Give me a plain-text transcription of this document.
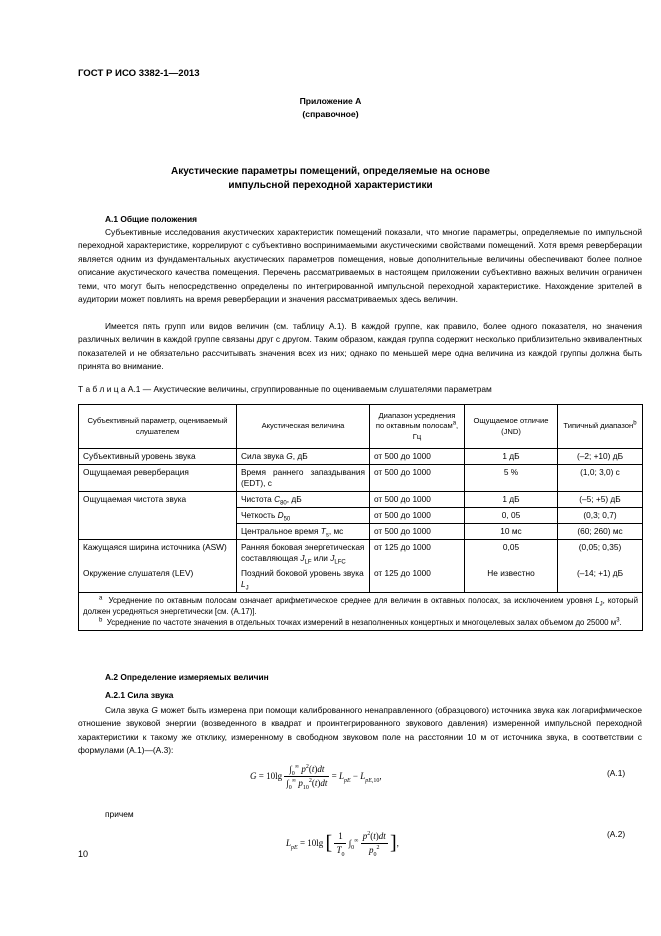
ГОСТ Р ИСО 3382-1—2013
Приложение А
(справочное)
Акустические параметры помещений, определяемые на основе
импульсной переходной характеристики
А.1 Общие положения
Субъективные исследования акустических характеристик помещений показали, что многие параметры, определяемые по импульсной переходной характеристике, коррелируют с субъективно воспринимаемыми акустическими свойствами помещений. Хотя время реверберации является одним из фундаментальных акустических параметров помещения, новые дополнительные величины обеспечивают более полное описание акустического качества помещения. Перечень рассматриваемых в настоящем приложении субъективно важных величин ограничен теми, что могут быть непосредственно определены по интегрированной импульсной переходной характеристике. Нахождение зрителей в аудитории может повлиять на время реверберации и значения рассматриваемых здесь величин.
Имеется пять групп или видов величин (см. таблицу А.1). В каждой группе, как правило, более одного показателя, но значения различных величин в каждой группе связаны друг с другом. Таким образом, каждая группа содержит несколько приблизительно эквивалентных показателей и не обязательно рассчитывать значения всех из них; однако по меньшей мере одна величина из каждой группы должна быть принята во внимание.
Т а б л и ц а А.1 — Акустические величины, сгруппированные по оцениваемым слушателями параметрам
Субъективный параметр, оцениваемый слушателем	Акустическая величина	Диапазон усреднения по октавным полосам$^a$, Гц	Ощущаемое отличие (JND)	Типичный диапазон$^b$
Субъективный уровень звука	Сила звука G, дБ	от 500 до 1000	1 дБ	(–2; +10) дБ
Ощущаемая реверберация	Время раннего запаздывания (EDT), с	от 500 до 1000	5 %	(1,0; 3,0) с
Ощущаемая чистота звука	Чистота $C_{80}$, дБ	от 500 до 1000	1 дБ	(–5; +5) дБ
	Четкость $D_{50}$	от 500 до 1000	0, 05	(0,3; 0,7)
	Центральное время $T_s$, мс	от 500 до 1000	10 мс	(60; 260) мс
Кажущаяся ширина источника (ASW)	Ранняя боковая энергетическая составляющая $J_{LF}$ или $J_{LFC}$	от 125 до 1000	0,05	(0,05; 0,35)
Окружение слушателя (LEV)	Поздний боковой уровень звука $L_J$	от 125 до 1000	Не известно	(–14; +1) дБ

$^a$ Усреднение по октавным полосам означает арифметическое среднее для величин в октавных полосах, за исключением уровня $L_J$, который должен усредняться энергетически [см. (А.17)].
$^b$ Усреднение по частоте значения в отдельных точках измерений в незаполненных концертных и многоцелевых залах объемом до 25000 $м^3$.				
А.2 Определение измеряемых величин
А.2.1 Сила звука
Сила звука G может быть измерена при помощи калиброванного ненаправленного (образцового) источника звука как логарифмическое отношение звуковой энергии (возведенного в квадрат и проинтегрированного звукового давления) измеренной импульсной переходной характеристики к такому же отклику, измеренному в свободном звуковом поле на расстоянии 10 м от источника звука, в соответствии с формулами (А.1)—(А.3):
$G = 10\lg \frac{\int_0^\infty p^2(t)dt}{\int_0^\infty p_{10}^2(t)dt} = L_{pE} - L_{pE,10}$,	(А.1)
причем
$L_{pE} = 10\lg$ [ $\frac{1}{T_0} \int_0^\infty \frac{p^2(t)dt}{p_0^2}$ ],
(А.2)
10
